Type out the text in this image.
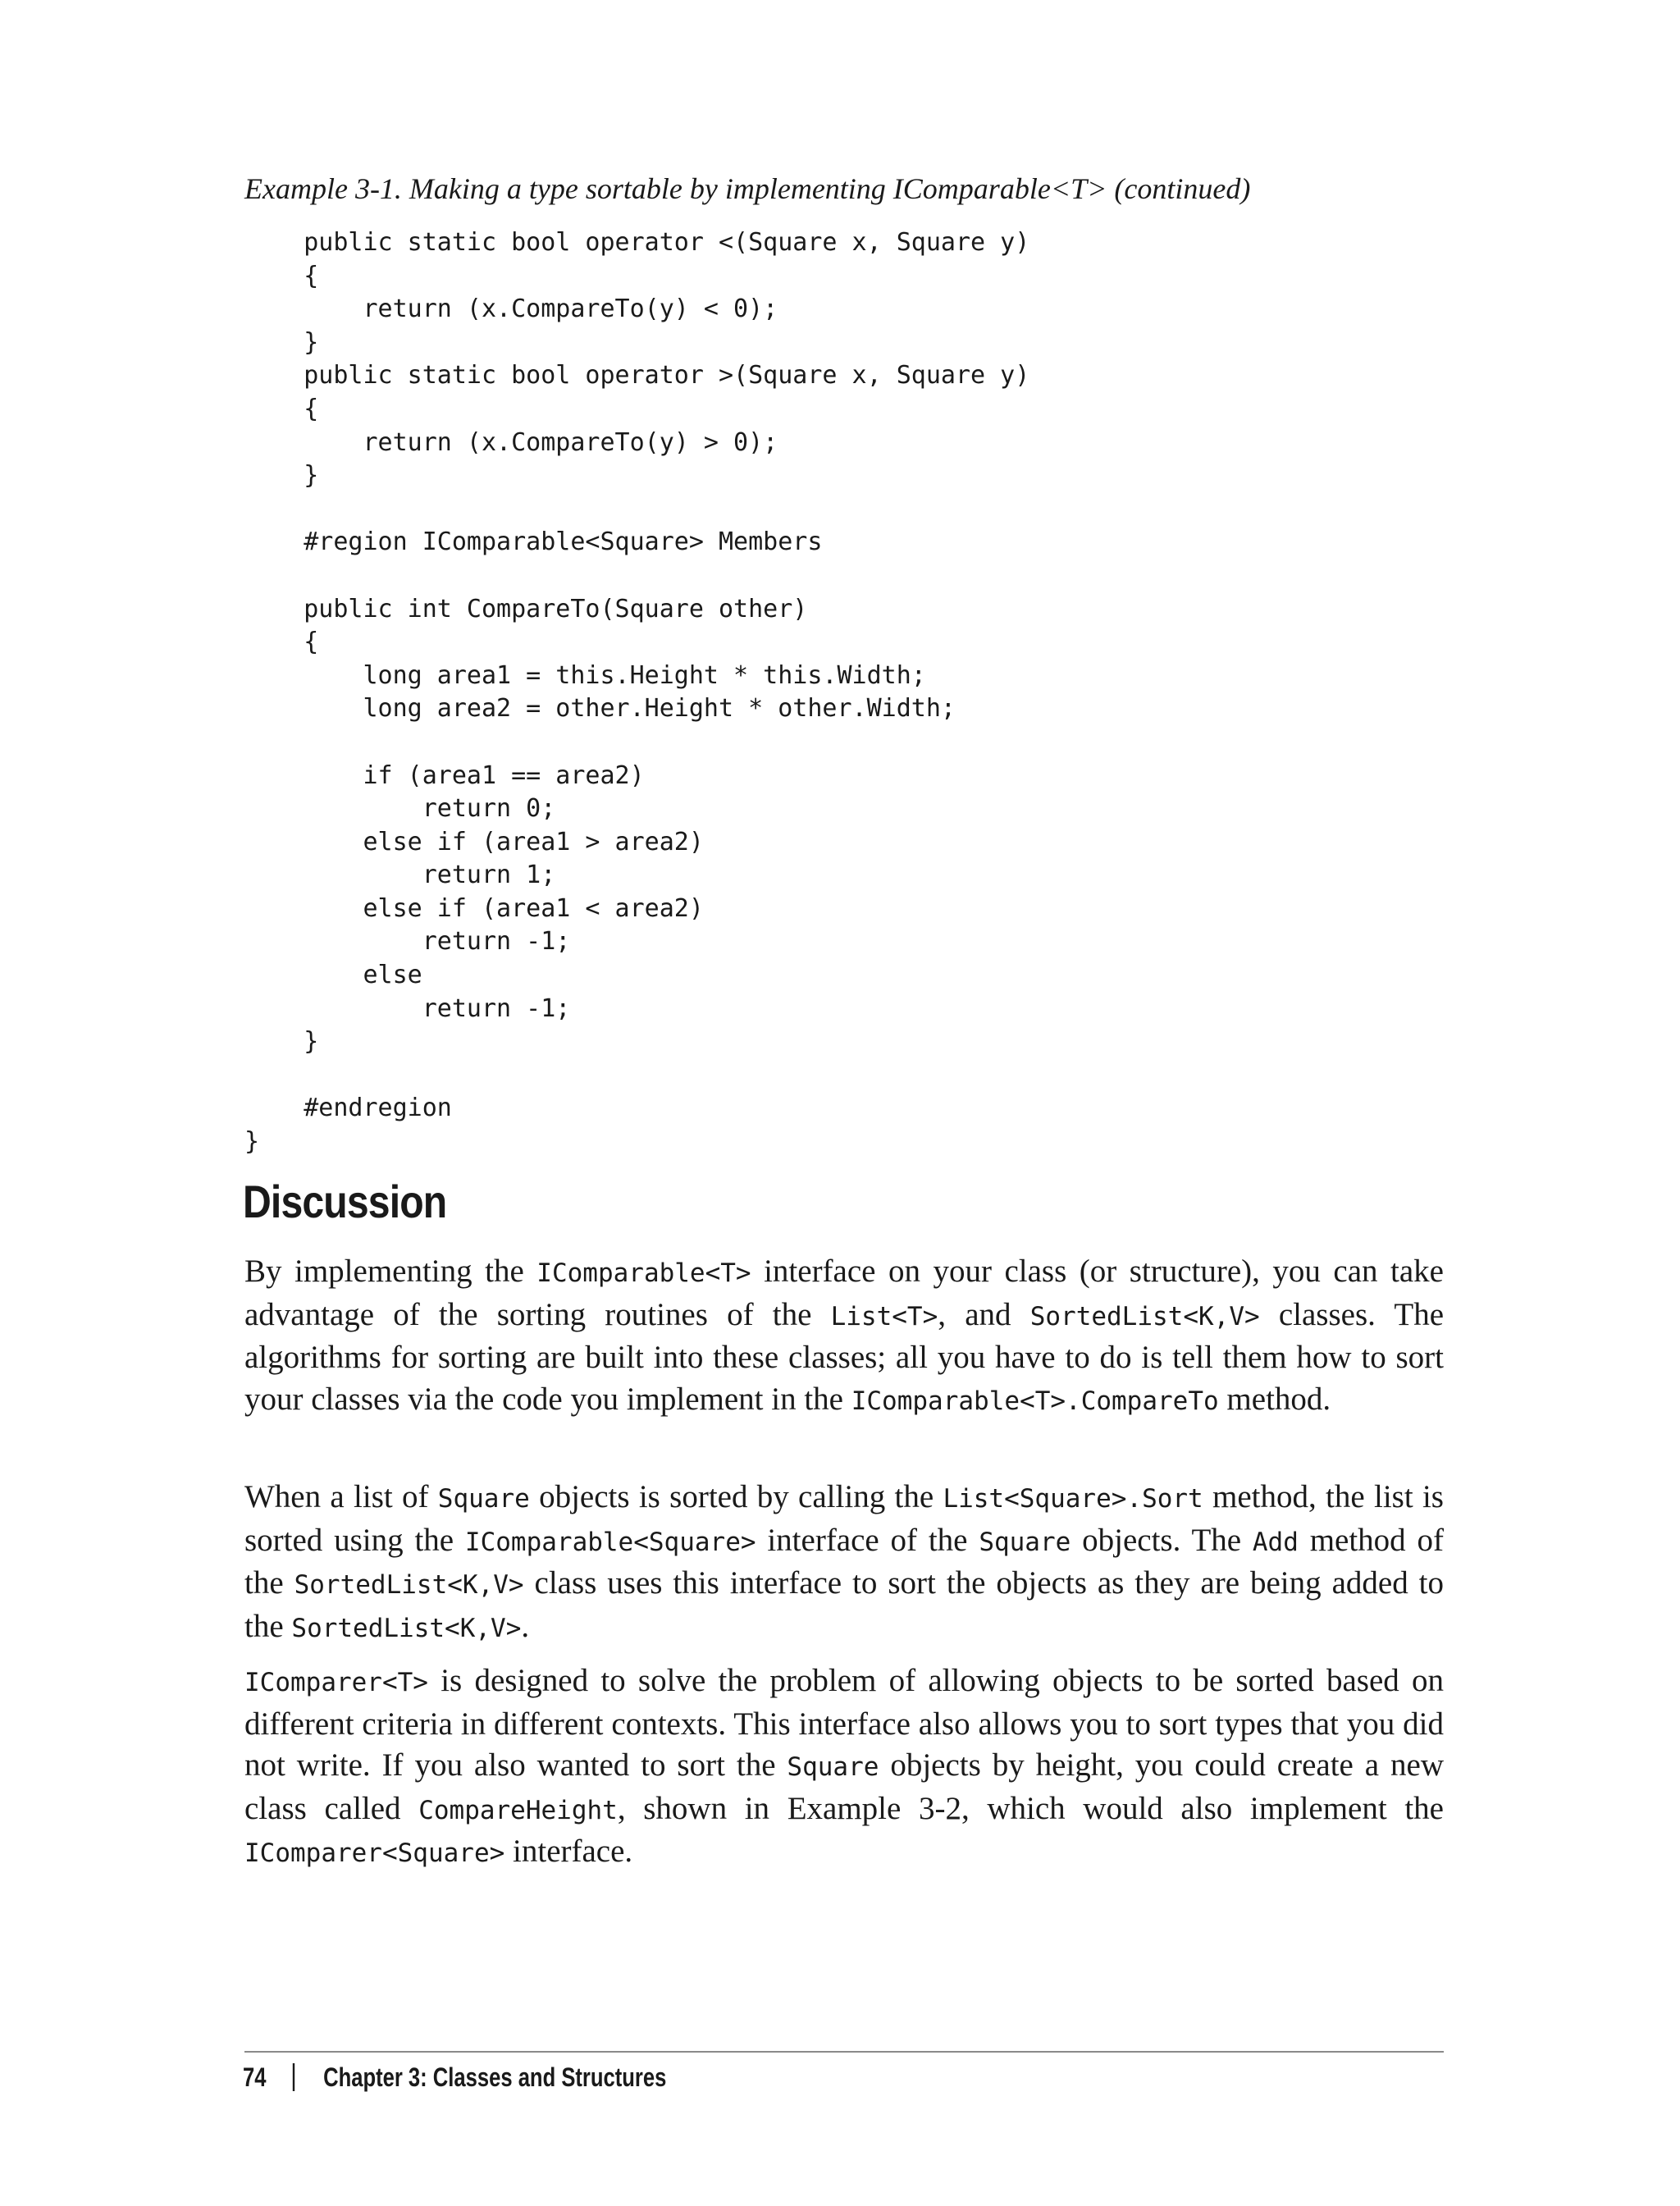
Example 3-1. Making a type sortable by implementing IComparable<T> (continued)

public static bool operator <(Square x, Square y)
{
return (x.CompareTo(y) < 0);
}
public static bool operator >(Square x, Square y)
{
return (x.CompareTo(y) > 0);
}
#region IComparable<Square> Members
public int CompareTo(Square other)
{
long area1 = this.Height * this.Width;
long area2 = other.Height * other.Width;
if (area1 == area2)
return 0;
else if (area1 > area2)
return 1;
else if (area1 < area2)
return -1;
else
return -1;
}
#endregion
}
Discussion

By implementing the IComparable<T> interface on your class (or structure), you can take advantage of the sorting routines of the List<T>, and SortedList<K,V> classes. The algorithms for sorting are built into these classes; all you have to do is tell them how to sort your classes via the code you implement in the IComparable<T>.CompareTo method.

When a list of Square objects is sorted by calling the List<Square>.Sort method, the list is sorted using the IComparable<Square> interface of the Square objects. The Add method of the SortedList<K,V> class uses this interface to sort the objects as they are being added to the SortedList<K,V>.

IComparer<T> is designed to solve the problem of allowing objects to be sorted based on different criteria in different contexts. This interface also allows you to sort types that you did not write. If you also wanted to sort the Square objects by height, you could create a new class called CompareHeight, shown in Example 3-2, which would also implement the IComparer<Square> interface.

74 Chapter 3: Classes and Structures
